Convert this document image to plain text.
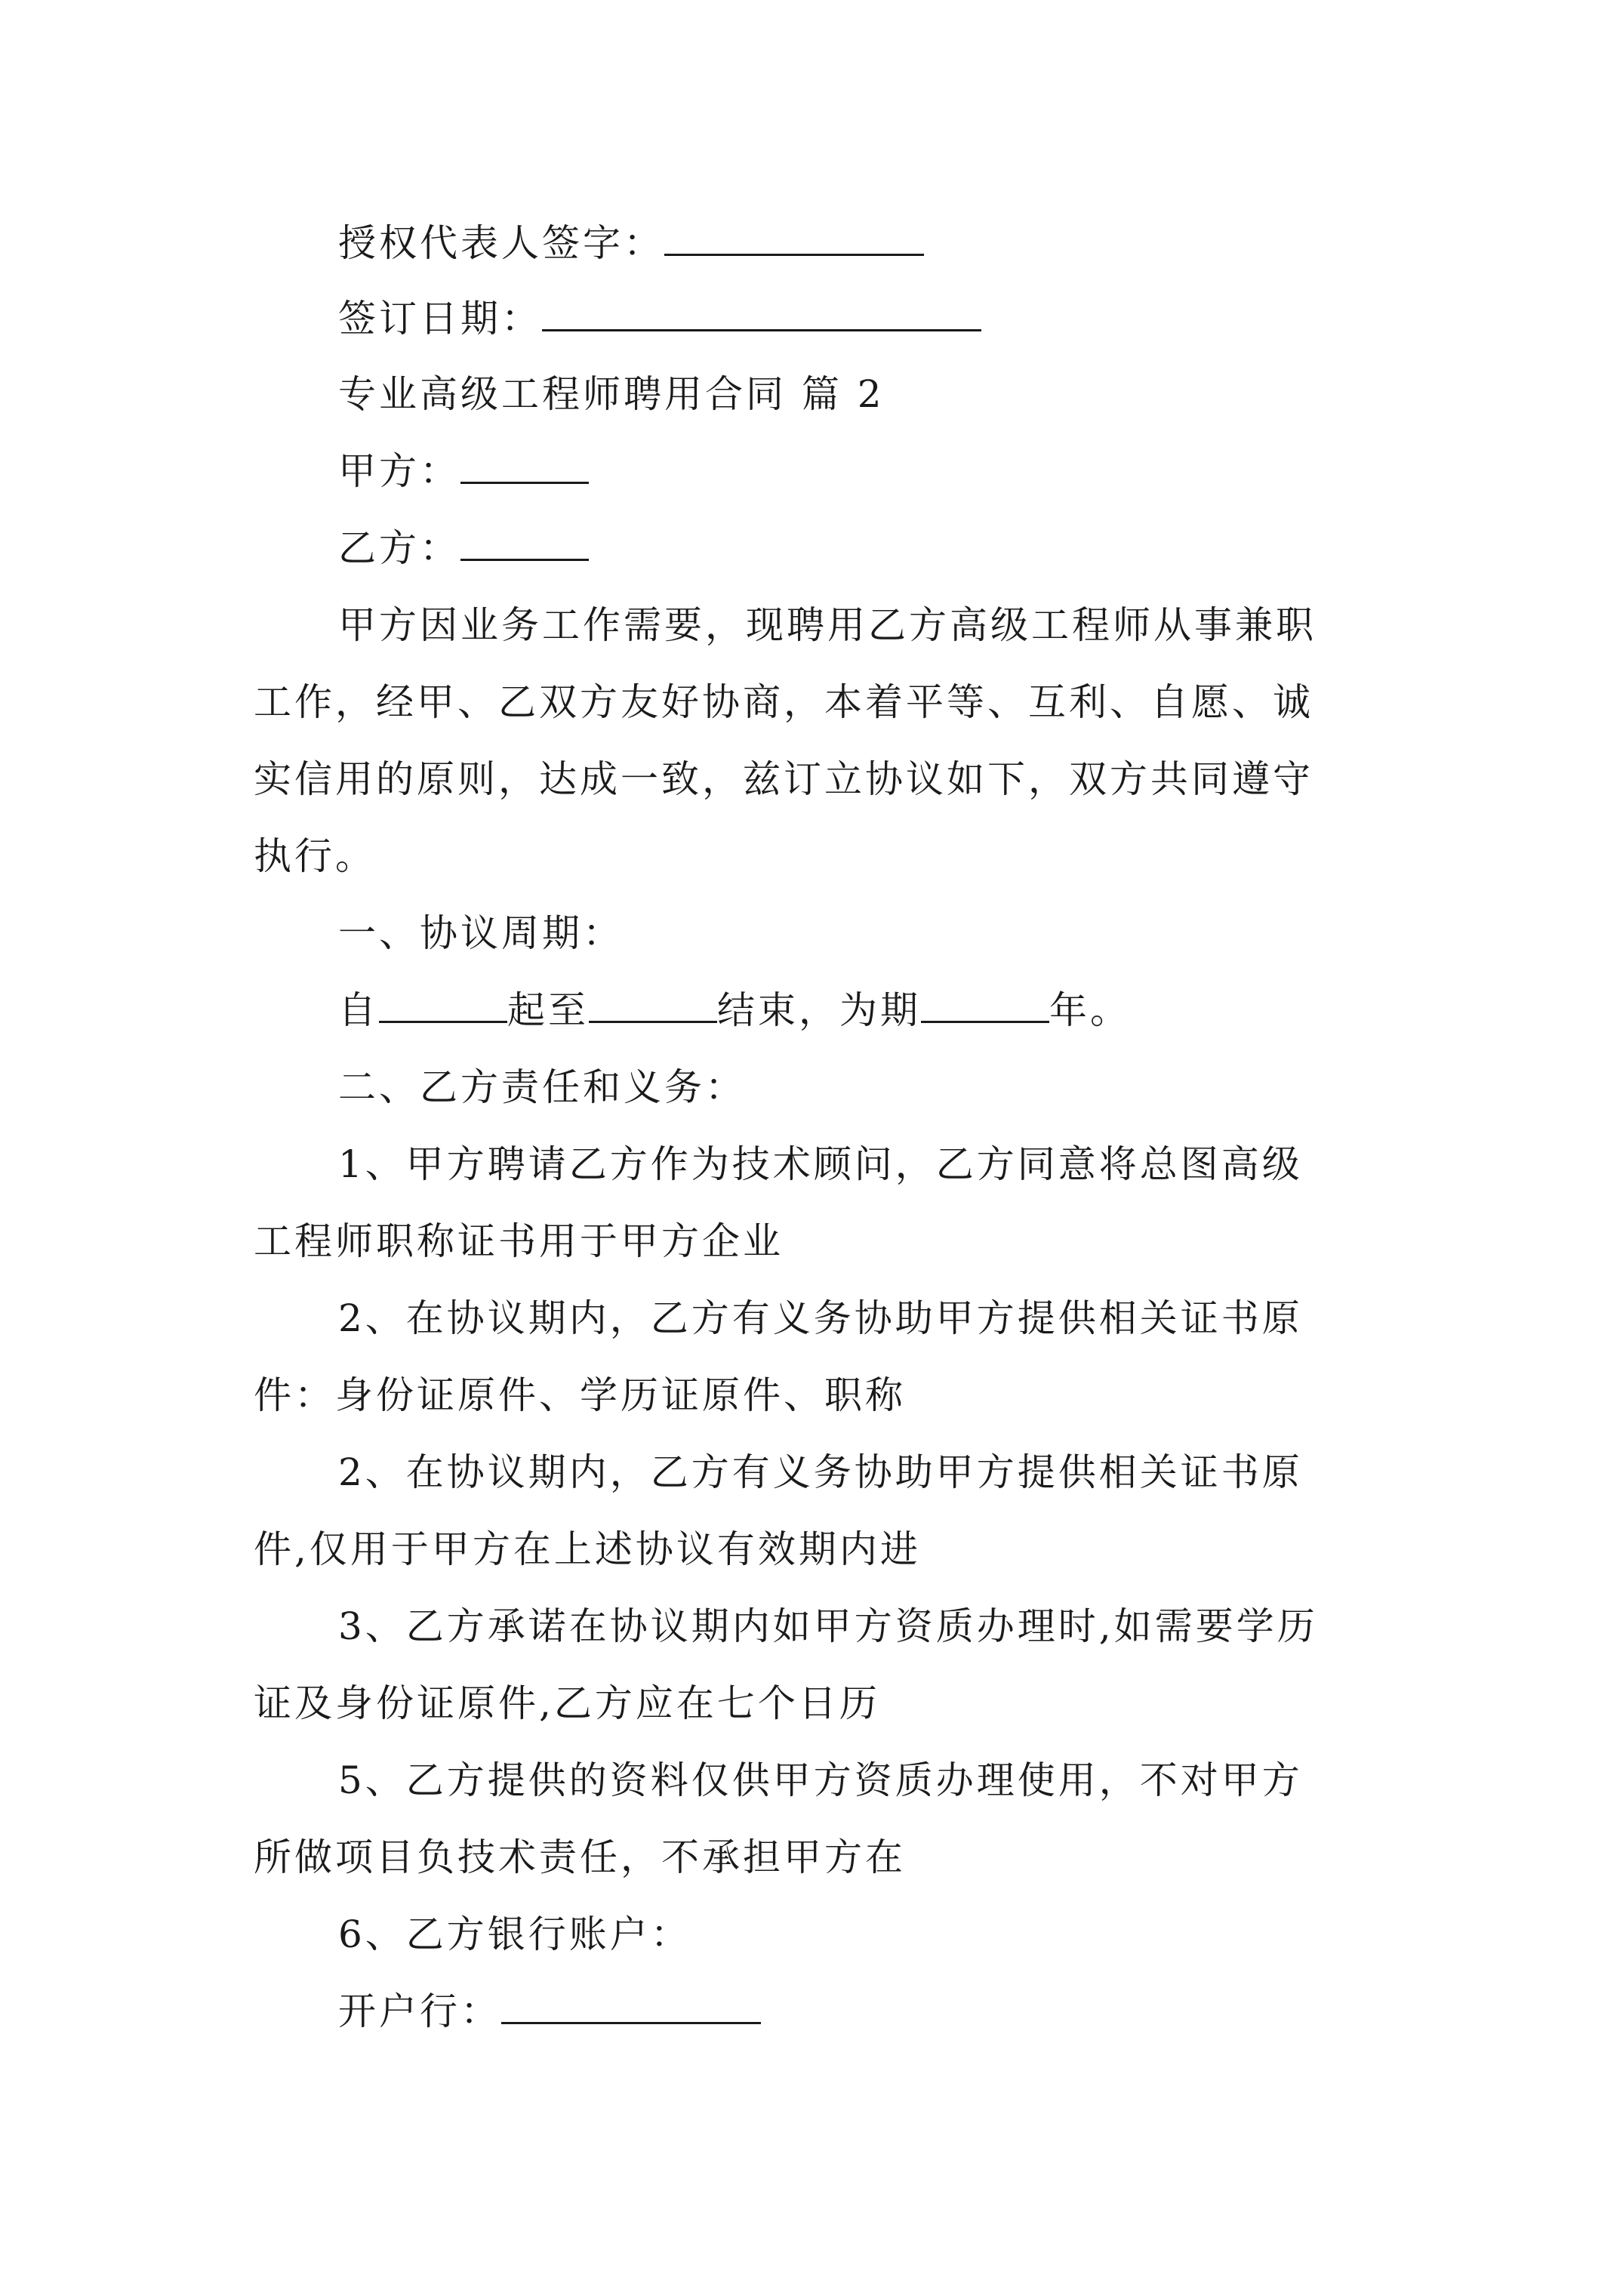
授权代表人签字：
签订日期：
专业高级工程师聘用合同 篇 2
甲方：
乙方：
甲方因业务工作需要，现聘用乙方高级工程师从事兼职
工作，经甲、乙双方友好协商，本着平等、互利、自愿、诚
实信用的原则，达成一致，兹订立协议如下，双方共同遵守
执行。
一、协议周期：
自	起至	结束，为期	年。
二、乙方责任和义务：
1、甲方聘请乙方作为技术顾问，乙方同意将总图高级
工程师职称证书用于甲方企业
2、在协议期内，乙方有义务协助甲方提供相关证书原
件：身份证原件、学历证原件、职称
2、在协议期内，乙方有义务协助甲方提供相关证书原
件,仅用于甲方在上述协议有效期内进
3、乙方承诺在协议期内如甲方资质办理时,如需要学历
证及身份证原件,乙方应在七个日历
5、乙方提供的资料仅供甲方资质办理使用，不对甲方
所做项目负技术责任，不承担甲方在
6、乙方银行账户：
开户行：
